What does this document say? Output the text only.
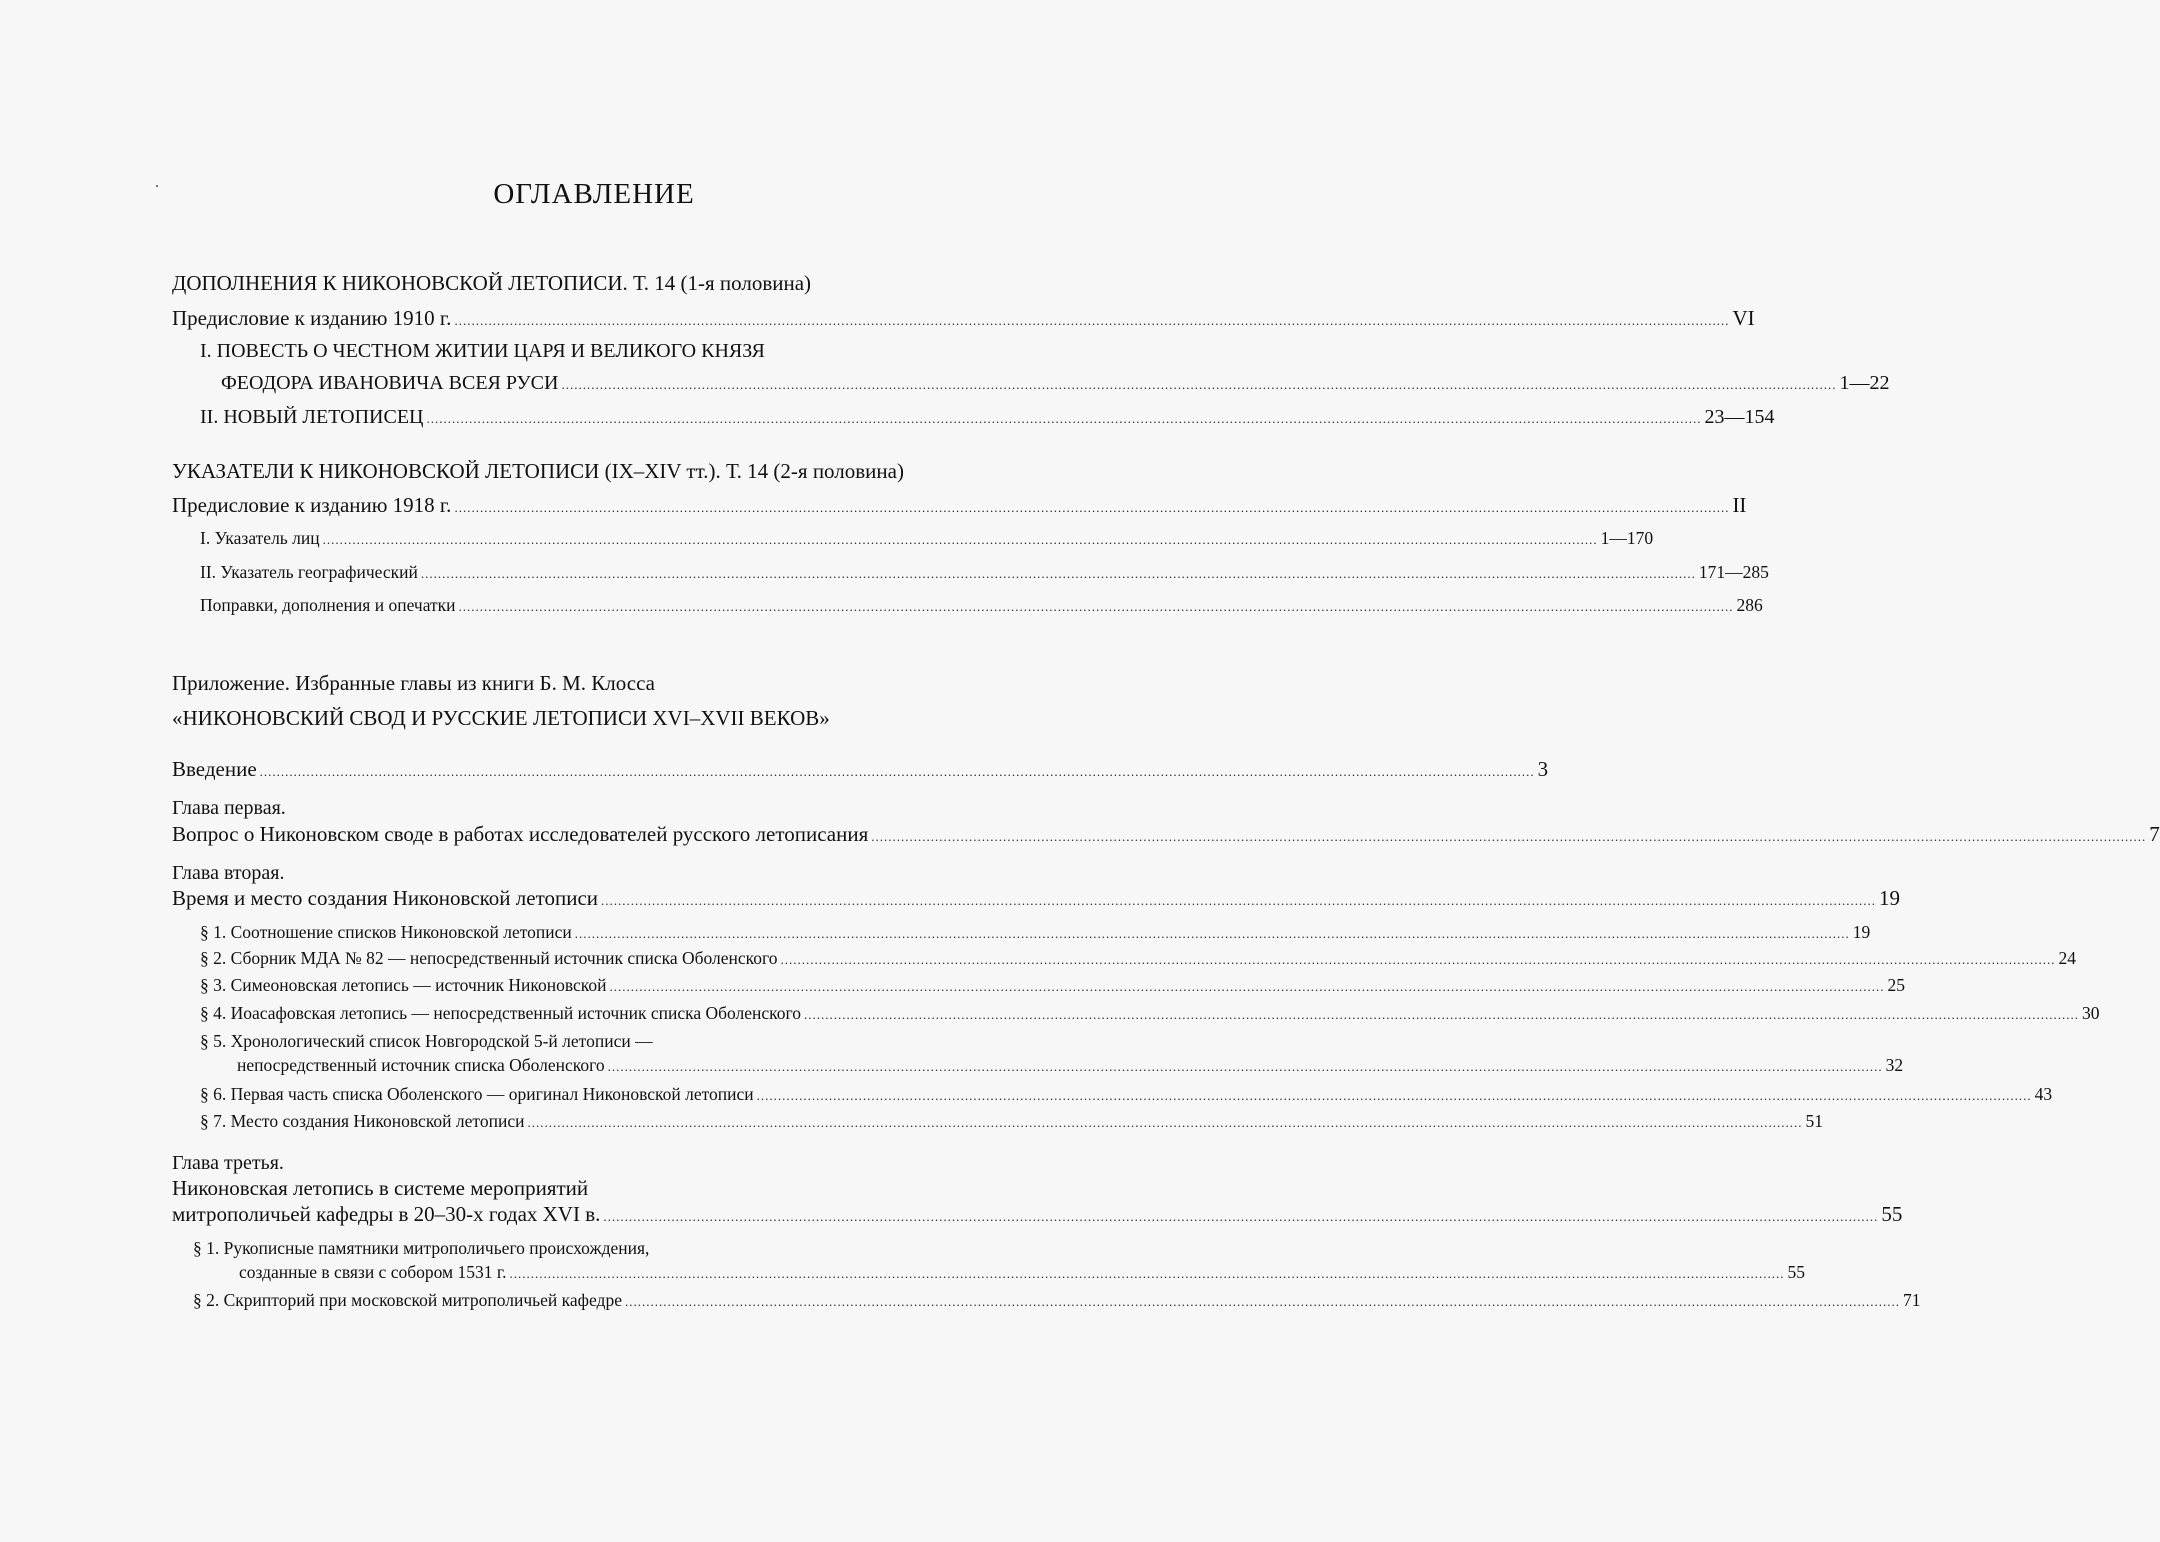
ОГЛАВЛЕНИЕ
ДОПОЛНЕНИЯ К НИКОНОВСКОЙ ЛЕТОПИСИ. Т. 14 (1-я половина)
Предисловие к изданию 1910 г. ............................................................................................................................................................................................................................................................................................................ VI
I. ПОВЕСТЬ О ЧЕСТНОМ ЖИТИИ ЦАРЯ И ВЕЛИКОГО КНЯЗЯ
ФЕОДОРА ИВАНОВИЧА ВСЕЯ РУСИ ............................................................................................................................................................................................................................................................................................................ 1—22
II. НОВЫЙ ЛЕТОПИСЕЦ ............................................................................................................................................................................................................................................................................................................ 23—154
УКАЗАТЕЛИ К НИКОНОВСКОЙ ЛЕТОПИСИ (IX–XIV тт.). Т. 14 (2-я половина)
Предисловие к изданию 1918 г. ............................................................................................................................................................................................................................................................................................................ II
I. Указатель лиц ............................................................................................................................................................................................................................................................................................................ 1—170
II. Указатель географический ............................................................................................................................................................................................................................................................................................................ 171—285
Поправки, дополнения и опечатки ............................................................................................................................................................................................................................................................................................................ 286
Приложение. Избранные главы из книги Б. М. Клосса
«НИКОНОВСКИЙ СВОД И РУССКИЕ ЛЕТОПИСИ XVI–XVII ВЕКОВ»
Введение ............................................................................................................................................................................................................................................................................................................ 3
Глава первая.
Вопрос о Никоновском своде в работах исследователей русского летописания ............................................................................................................................................................................................................................................................................................................ 7
Глава вторая.
Время и место создания Никоновской летописи ............................................................................................................................................................................................................................................................................................................ 19
§ 1. Соотношение списков Никоновской летописи ............................................................................................................................................................................................................................................................................................................ 19
§ 2. Сборник МДА № 82 — непосредственный источник списка Оболенского ............................................................................................................................................................................................................................................................................................................ 24
§ 3. Симеоновская летопись — источник Никоновской ............................................................................................................................................................................................................................................................................................................ 25
§ 4. Иоасафовская летопись — непосредственный источник списка Оболенского ............................................................................................................................................................................................................................................................................................................ 30
§ 5. Хронологический список Новгородской 5-й летописи —
непосредственный источник списка Оболенского ............................................................................................................................................................................................................................................................................................................ 32
§ 6. Первая часть списка Оболенского — оригинал Никоновской летописи ............................................................................................................................................................................................................................................................................................................ 43
§ 7. Место создания Никоновской летописи ............................................................................................................................................................................................................................................................................................................ 51
Глава третья.
Никоновская летопись в системе мероприятий
митрополичьей кафедры в 20–30-х годах XVI в. ............................................................................................................................................................................................................................................................................................................ 55
§ 1. Рукописные памятники митрополичьего происхождения,
созданные в связи с собором 1531 г. ............................................................................................................................................................................................................................................................................................................ 55
§ 2. Скрипторий при московской митрополичьей кафедре ............................................................................................................................................................................................................................................................................................................ 71
